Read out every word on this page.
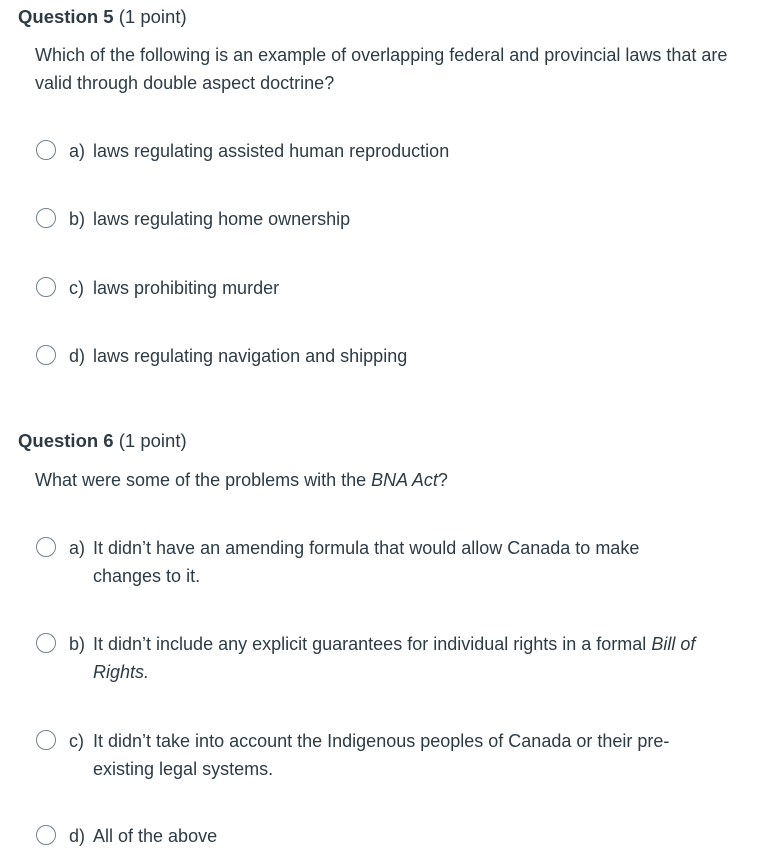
Question 5 (1 point)

Which of the following is an example of overlapping federal and provincial laws that are valid through double aspect doctrine?

a) laws regulating assisted human reproduction
b) laws regulating home ownership
c) laws prohibiting murder
d) laws regulating navigation and shipping
Question 6 (1 point)

What were some of the problems with the BNA Act?

a) It didn’t have an amending formula that would allow Canada to make changes to it.
b) It didn’t include any explicit guarantees for individual rights in a formal Bill of Rights.
c) It didn’t take into account the Indigenous peoples of Canada or their pre-existing legal systems.
d) All of the above
